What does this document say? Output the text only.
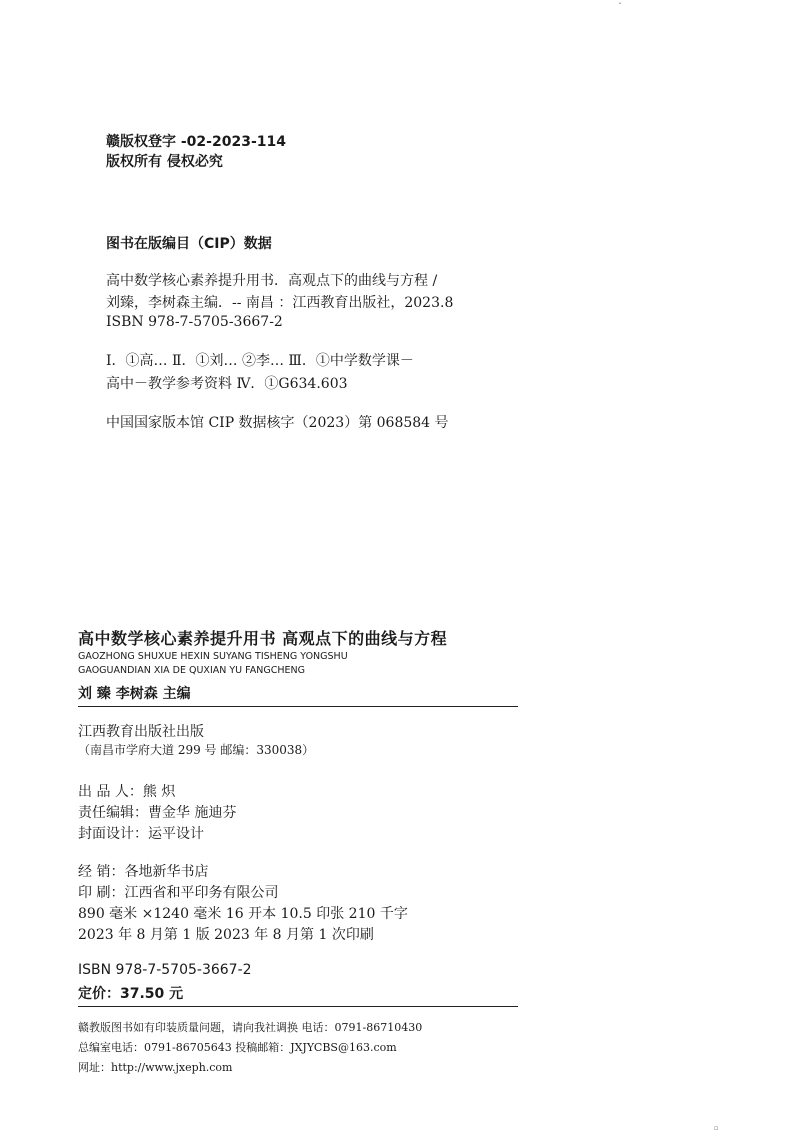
ˇ
赣版权登字 -02-2023-114
版权所有 侵权必究
图书在版编目（CIP）数据
高中数学核心素养提升用书．高观点下的曲线与方程 /
刘臻，李树森主编．-- 南昌 ：江西教育出版社，2023.8
ISBN 978-7-5705-3667-2
Ⅰ．①高… Ⅱ．①刘… ②李… Ⅲ．①中学数学课－
高中－教学参考资料 Ⅳ．①G634.603
中国国家版本馆 CIP 数据核字（2023）第 068584 号
高中数学核心素养提升用书 高观点下的曲线与方程
GAOZHONG SHUXUE HEXIN SUYANG TISHENG YONGSHU
GAOGUANDIAN XIA DE QUXIAN YU FANGCHENG
刘 臻 李树森 主编
江西教育出版社出版
（南昌市学府大道 299 号 邮编：330038）
出 品 人：熊 炽
责任编辑：曹金华 施迪芬
封面设计：运平设计
经 销：各地新华书店
印 刷：江西省和平印务有限公司
890 毫米 ×1240 毫米 16 开本 10.5 印张 210 千字
2023 年 8 月第 1 版 2023 年 8 月第 1 次印刷
ISBN 978-7-5705-3667-2
定价：37.50 元
赣教版图书如有印装质量问题，请向我社调换 电话：0791-86710430
总编室电话：0791-86705643 投稿邮箱：JXJYCBS@163.com
网址：http://www.jxeph.com
▫
